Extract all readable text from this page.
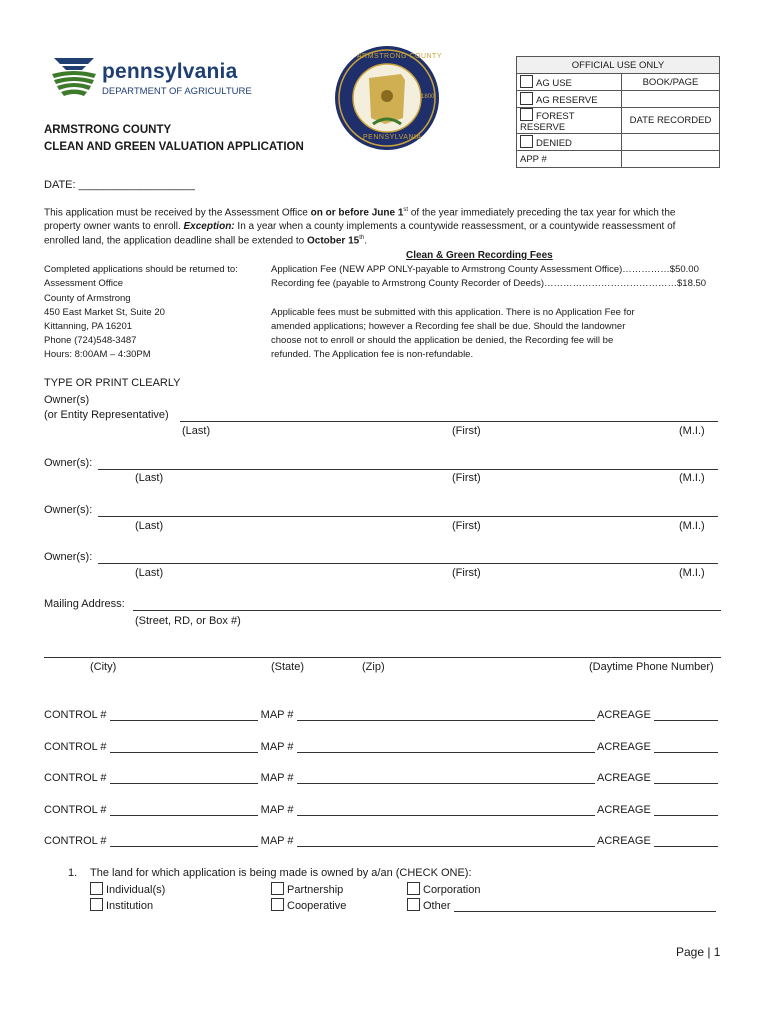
pennsylvania
DEPARTMENT OF AGRICULTURE
ARMSTRONG COUNTY
PENNSYLVANIA
1800
ARMSTRONG COUNTY
CLEAN AND GREEN VALUATION APPLICATION
OFFICIAL USE ONLY	
AG USE	BOOK/PAGE
AG RESERVE	
FOREST RESERVE	DATE RECORDED
DENIED	
APP #	
DATE: ___________________
This application must be received by the Assessment Office on or before June 1st of the year immediately preceding the tax year for which the
property owner wants to enroll. Exception: In a year when a county implements a countywide reassessment, or a countywide reassessment of
enrolled land, the application deadline shall be extended to October 15th.
Clean & Green Recording Fees
Application Fee (NEW APP ONLY-payable to Armstrong County Assessment Office)……………$50.00
Recording fee (payable to Armstrong County Recorder of Deeds)……………………………………$18.50
Applicable fees must be submitted with this application. There is no Application Fee for
amended applications; however a Recording fee shall be due. Should the landowner
choose not to enroll or should the application be denied, the Recording fee will be
refunded. The Application fee is non-refundable.
Completed applications should be returned to:
Assessment Office
County of Armstrong
450 East Market St, Suite 20
Kittanning, PA 16201
Phone (724)548-3487
Hours: 8:00AM – 4:30PM
TYPE OR PRINT CLEARLY
Owner(s)
(or Entity Representative)
(Last)	(First)	(M.I.)
Owner(s):
(Last)	(First)	(M.I.)
Owner(s):
(Last)	(First)	(M.I.)
Owner(s):
(Last)	(First)	(M.I.)
Mailing Address:
(Street, RD, or Box #)
(City)	(State)	(Zip)	(Daytime Phone Number)
CONTROL #	MAP #	ACREAGE
CONTROL #	MAP #	ACREAGE
CONTROL #	MAP #	ACREAGE
CONTROL #	MAP #	ACREAGE
CONTROL #	MAP #	ACREAGE
1. The land for which application is being made is owned by a/an (CHECK ONE):
Individual(s)	Partnership	Corporation
Institution	Cooperative	Other
Page | 1
